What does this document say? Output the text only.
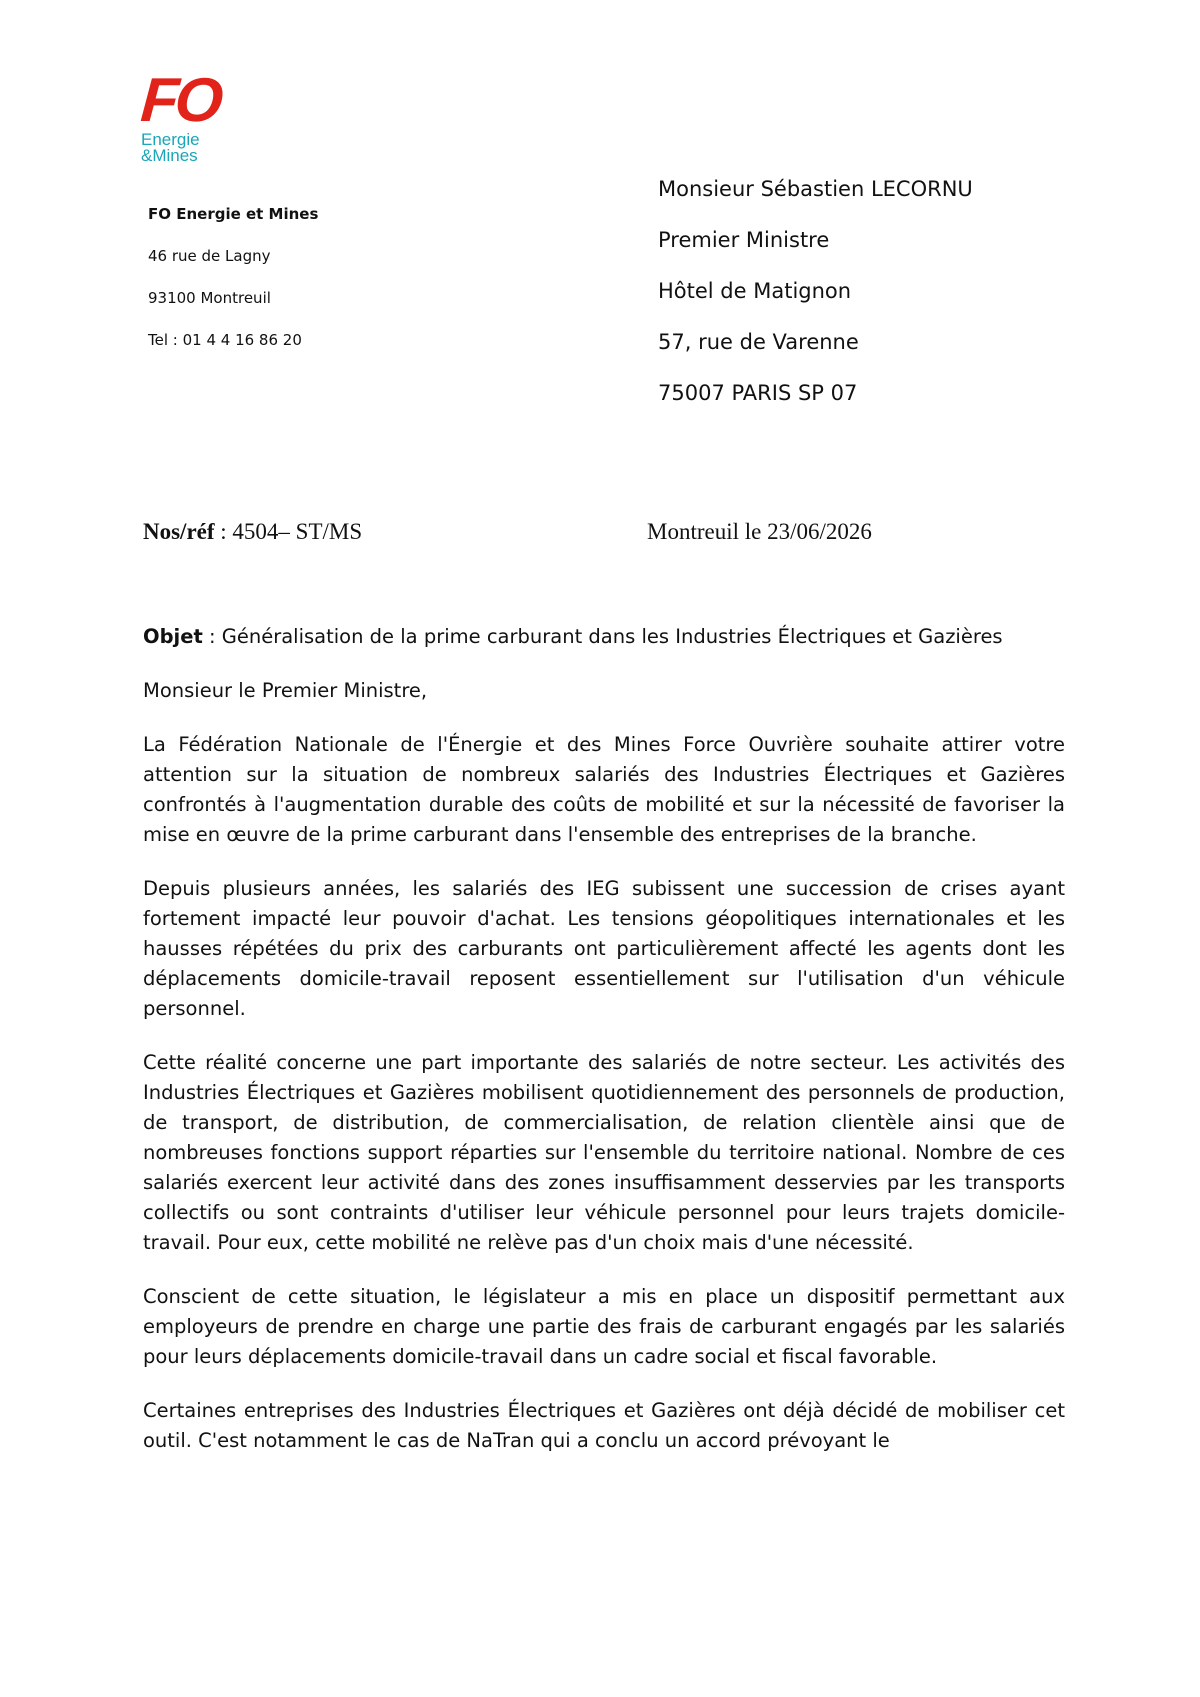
FO
Energie
&Mines
FO Energie et Mines
46 rue de Lagny
93100 Montreuil
Tel : 01 4 4 16 86 20
Monsieur Sébastien LECORNU
Premier Ministre
Hôtel de Matignon
57, rue de Varenne
75007 PARIS SP 07
Nos/réf : 4504– ST/MS	Montreuil le 23/06/2026

Objet : Généralisation de la prime carburant dans les Industries Électriques et Gazières

Monsieur le Premier Ministre,

La Fédération Nationale de l'Énergie et des Mines Force Ouvrière souhaite attirer votre attention sur la situation de nombreux salariés des Industries Électriques et Gazières confrontés à l'augmentation durable des coûts de mobilité et sur la nécessité de favoriser la mise en œuvre de la prime carburant dans l'ensemble des entreprises de la branche.

Depuis plusieurs années, les salariés des IEG subissent une succession de crises ayant fortement impacté leur pouvoir d'achat. Les tensions géopolitiques internationales et les hausses répétées du prix des carburants ont particulièrement affecté les agents dont les déplacements domicile-travail reposent essentiellement sur l'utilisation d'un véhicule personnel.

Cette réalité concerne une part importante des salariés de notre secteur. Les activités des Industries Électriques et Gazières mobilisent quotidiennement des personnels de production, de transport, de distribution, de commercialisation, de relation clientèle ainsi que de nombreuses fonctions support réparties sur l'ensemble du territoire national. Nombre de ces salariés exercent leur activité dans des zones insuffisamment desservies par les transports collectifs ou sont contraints d'utiliser leur véhicule personnel pour leurs trajets domicile-travail. Pour eux, cette mobilité ne relève pas d'un choix mais d'une nécessité.

Conscient de cette situation, le législateur a mis en place un dispositif permettant aux employeurs de prendre en charge une partie des frais de carburant engagés par les salariés pour leurs déplacements domicile-travail dans un cadre social et fiscal favorable.

Certaines entreprises des Industries Électriques et Gazières ont déjà décidé de mobiliser cet outil. C'est notamment le cas de NaTran qui a conclu un accord prévoyant le
